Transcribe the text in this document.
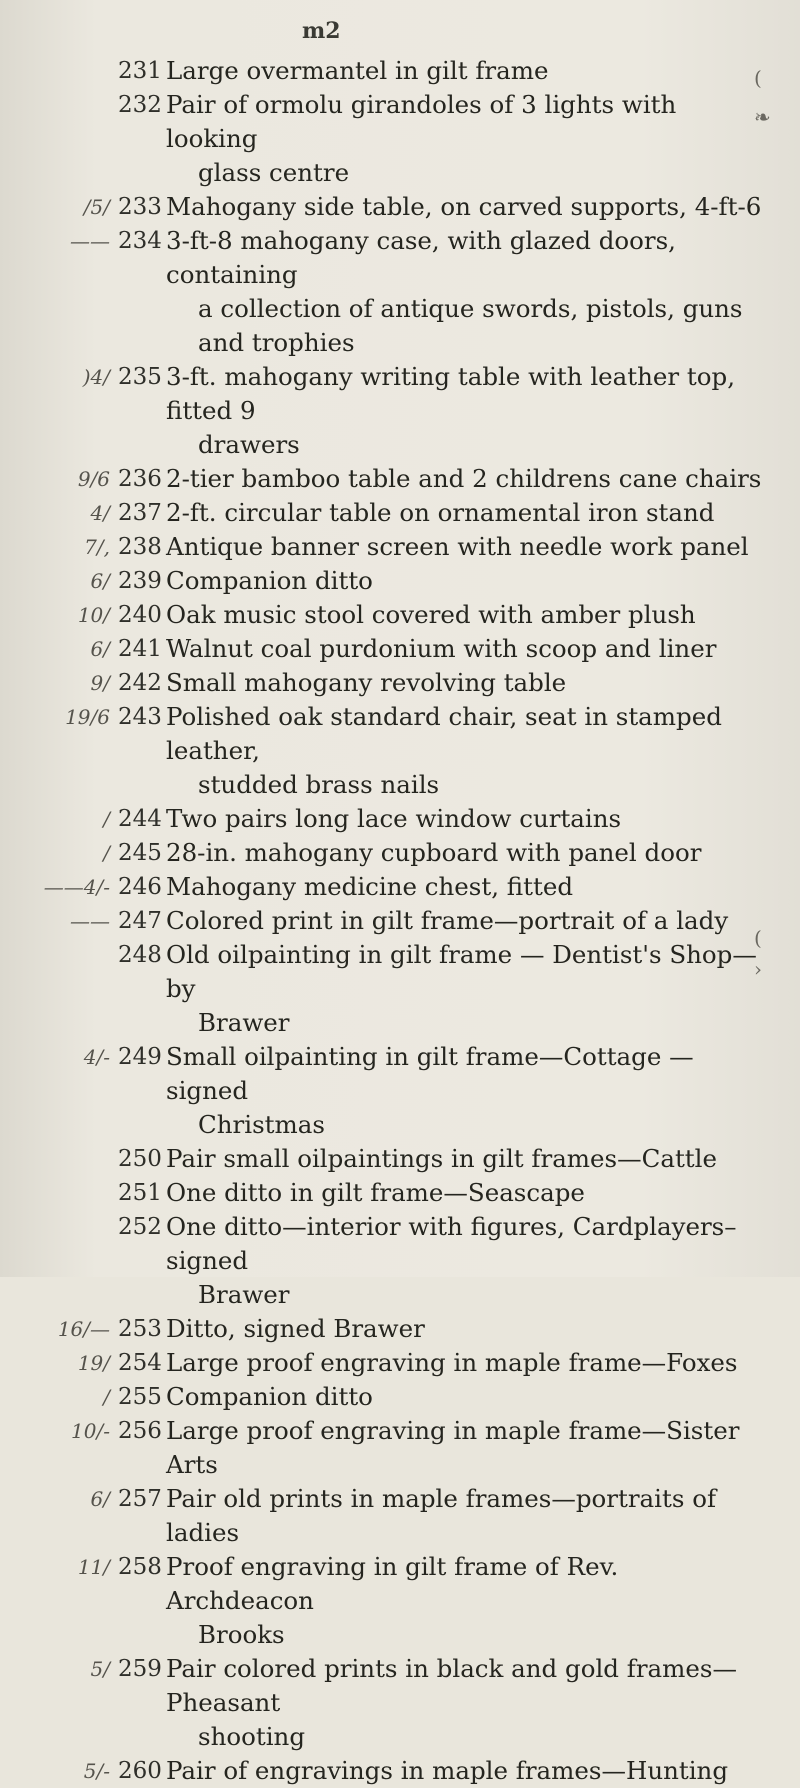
m2
231 Large overmantel in gilt frame
232 Pair of ormolu girandoles of 3 lights with looking
glass centre
/5/ 233 Mahogany side table, on carved supports, 4-ft-6
—— 234 3-ft-8 mahogany case, with glazed doors, containing
a collection of antique swords, pistols, guns and trophies
)4/ 235 3-ft. mahogany writing table with leather top, fitted 9
drawers
9/6 236 2-tier bamboo table and 2 childrens cane chairs
4/ 237 2-ft. circular table on ornamental iron stand
7/, 238 Antique banner screen with needle work panel
6/ 239 Companion ditto
10/ 240 Oak music stool covered with amber plush
6/ 241 Walnut coal purdonium with scoop and liner
9/ 242 Small mahogany revolving table
19/6 243 Polished oak standard chair, seat in stamped leather,
studded brass nails
/ 244 Two pairs long lace window curtains
/ 245 28-in. mahogany cupboard with panel door
——4/- 246 Mahogany medicine chest, fitted
—— 247 Colored print in gilt frame—portrait of a lady
248 Old oilpainting in gilt frame — Dentist's Shop—by
Brawer
4/- 249 Small oilpainting in gilt frame—Cottage — signed
Christmas
250 Pair small oilpaintings in gilt frames—Cattle
251 One ditto in gilt frame—Seascape
252 One ditto—interior with figures, Cardplayers– signed
Brawer
16/— 253 Ditto, signed Brawer
19/ 254 Large proof engraving in maple frame—Foxes
/ 255 Companion ditto
10/- 256 Large proof engraving in maple frame—Sister Arts
6/ 257 Pair old prints in maple frames—portraits of ladies
11/ 258 Proof engraving in gilt frame of Rev. Archdeacon
Brooks
5/ 259 Pair colored prints in black and gold frames—Pheasant
shooting
5/- 260 Pair of engravings in maple frames—Hunting
(
❧
(
›
